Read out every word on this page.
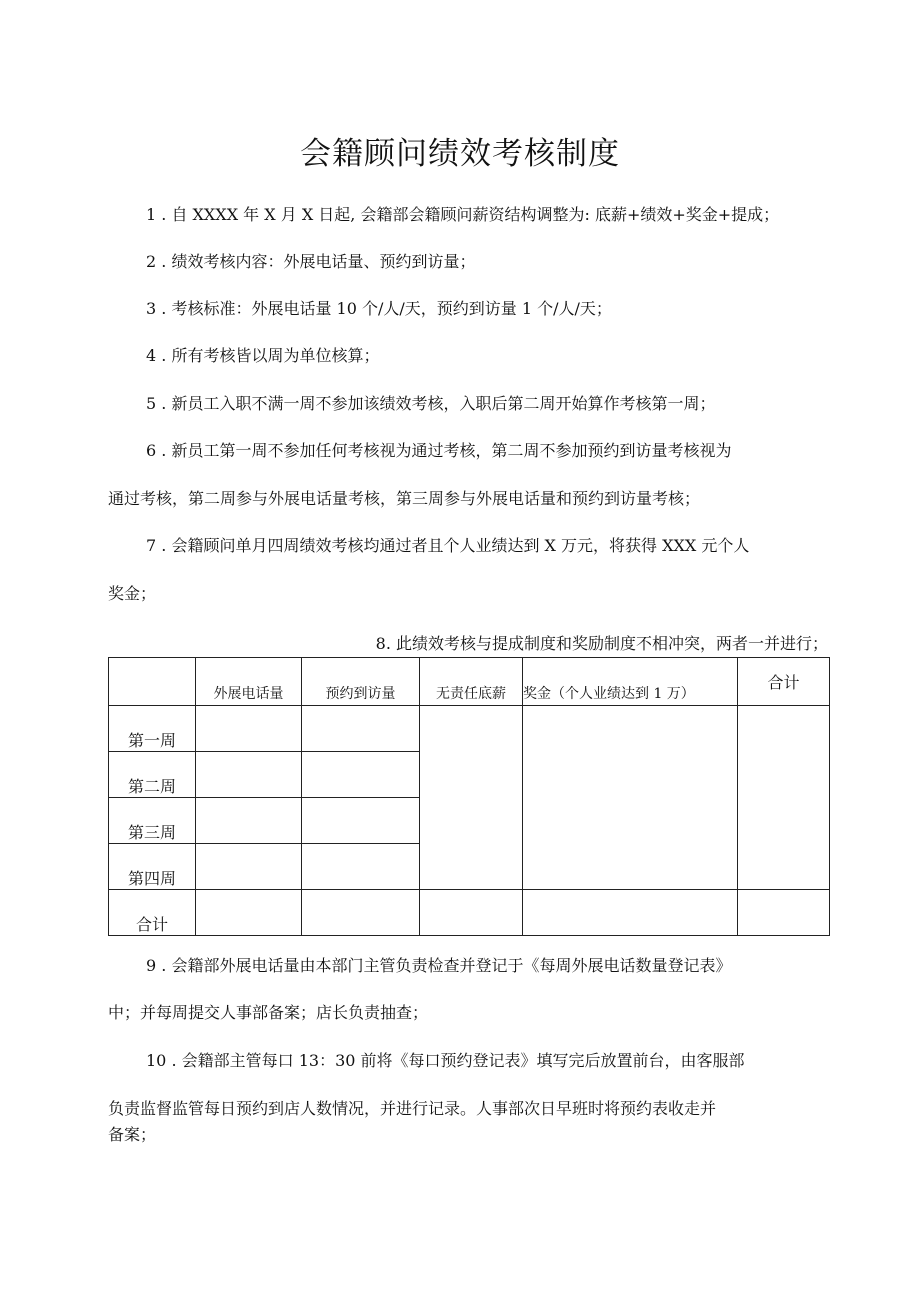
会籍顾问绩效考核制度
1 . 自 XXXX 年 X 月 X 日起, 会籍部会籍顾问薪资结构调整为: 底薪+绩效+奖金+提成；
2 . 绩效考核内容：外展电话量、预约到访量；
3 . 考核标准：外展电话量 10 个/人/天，预约到访量 1 个/人/天；
4 . 所有考核皆以周为单位核算；
5 . 新员工入职不满一周不参加该绩效考核，入职后第二周开始算作考核第一周；
6 . 新员工第一周不参加任何考核视为通过考核，第二周不参加预约到访量考核视为
通过考核，第二周参与外展电话量考核，第三周参与外展电话量和预约到访量考核；
7 . 会籍顾问单月四周绩效考核均通过者且个人业绩达到 X 万元，将获得 XXX 元个人
奖金；
8. 此绩效考核与提成制度和奖励制度不相冲突，两者一并进行；
	外展电话量	预约到访量	无责任底薪	奖金（个人业绩达到 1 万）	合计
第一周					
第二周					
第三周					
第四周					
合计					
9 . 会籍部外展电话量由本部门主管负责检查并登记于《每周外展电话数量登记表》
中；并每周提交人事部备案；店长负责抽查；
10 . 会籍部主管每口 13：30 前将《每口预约登记表》填写完后放置前台，由客服部
负责监督监管每日预约到店人数情况，并进行记录。人事部次日早班时将预约表收走并
备案；
